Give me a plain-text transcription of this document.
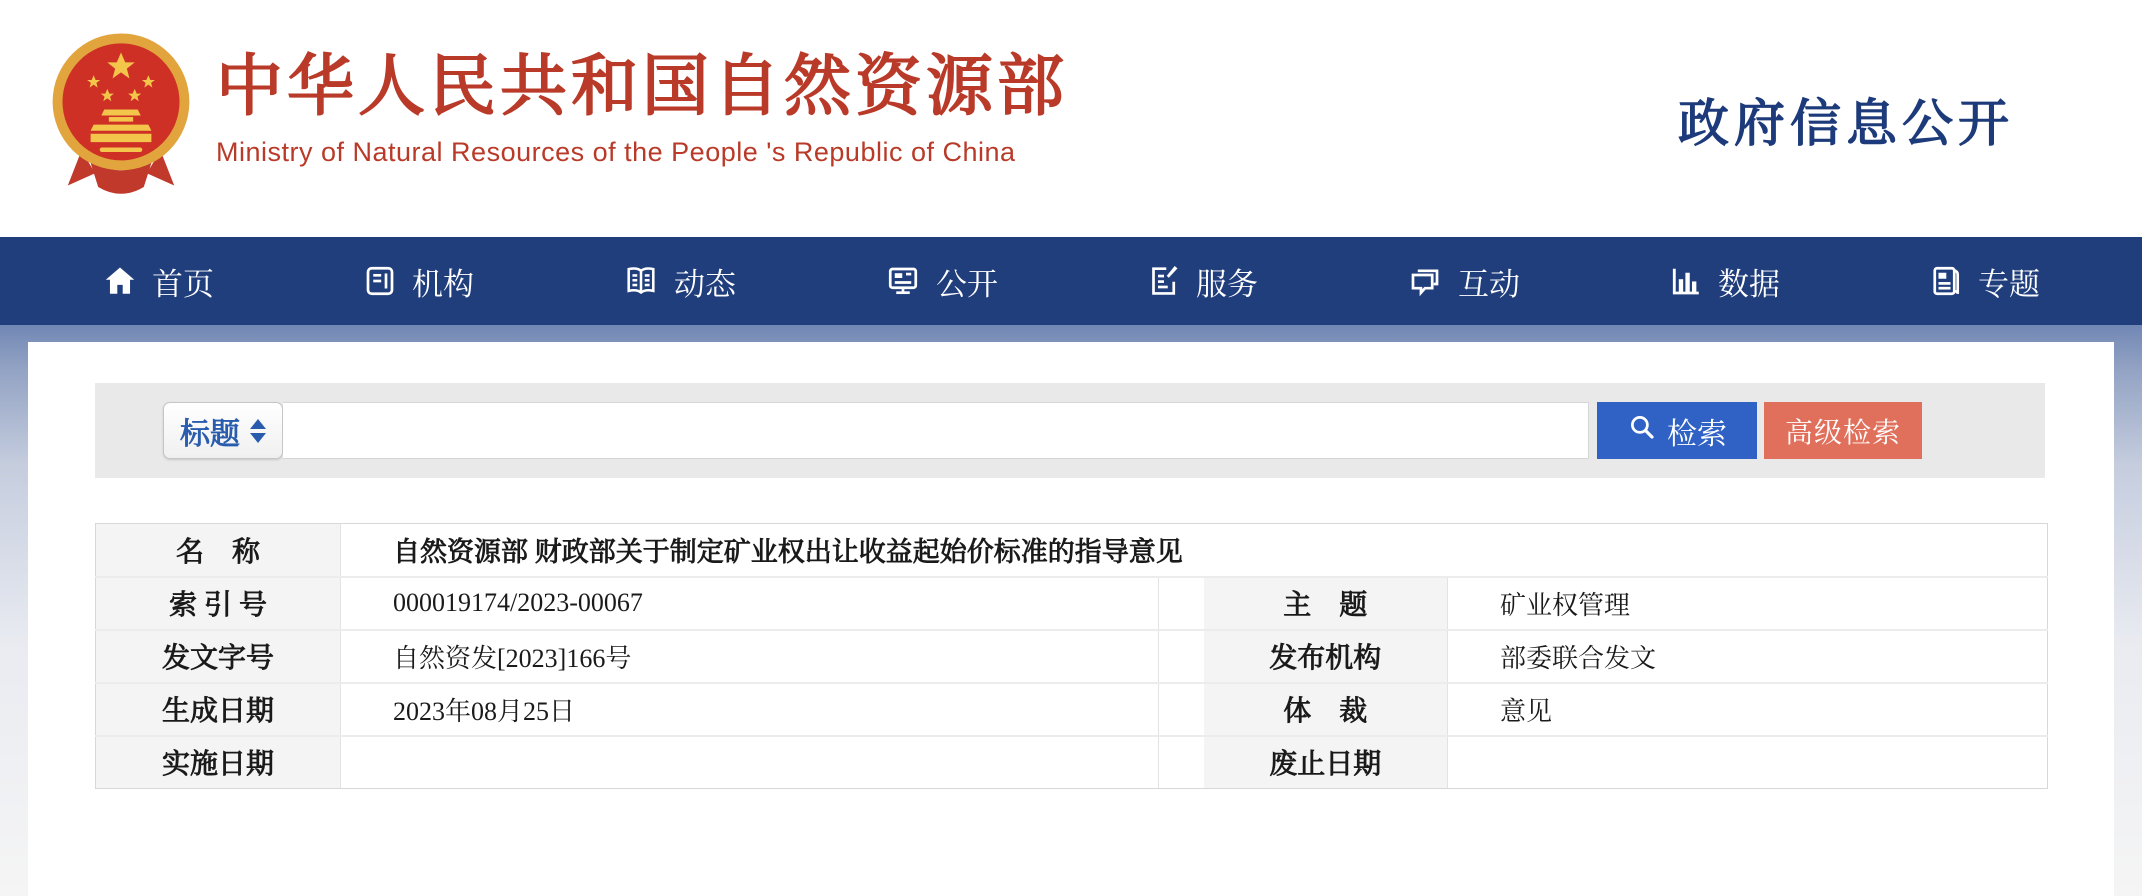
中华人民共和国自然资源部
Ministry of Natural Resources of the People 's Republic of China	政府信息公开
首页	机构	动态	公开	服务	互动	数据	专题
标题	检索 高级检索
名　称	自然资源部 财政部关于制定矿业权出让收益起始价标准的指导意见			
索 引 号	000019174/2023-00067		主　题	矿业权管理
发文字号	自然资发[2023]166号		发布机构	部委联合发文
生成日期	2023年08月25日		体　裁	意见
实施日期			废止日期	
